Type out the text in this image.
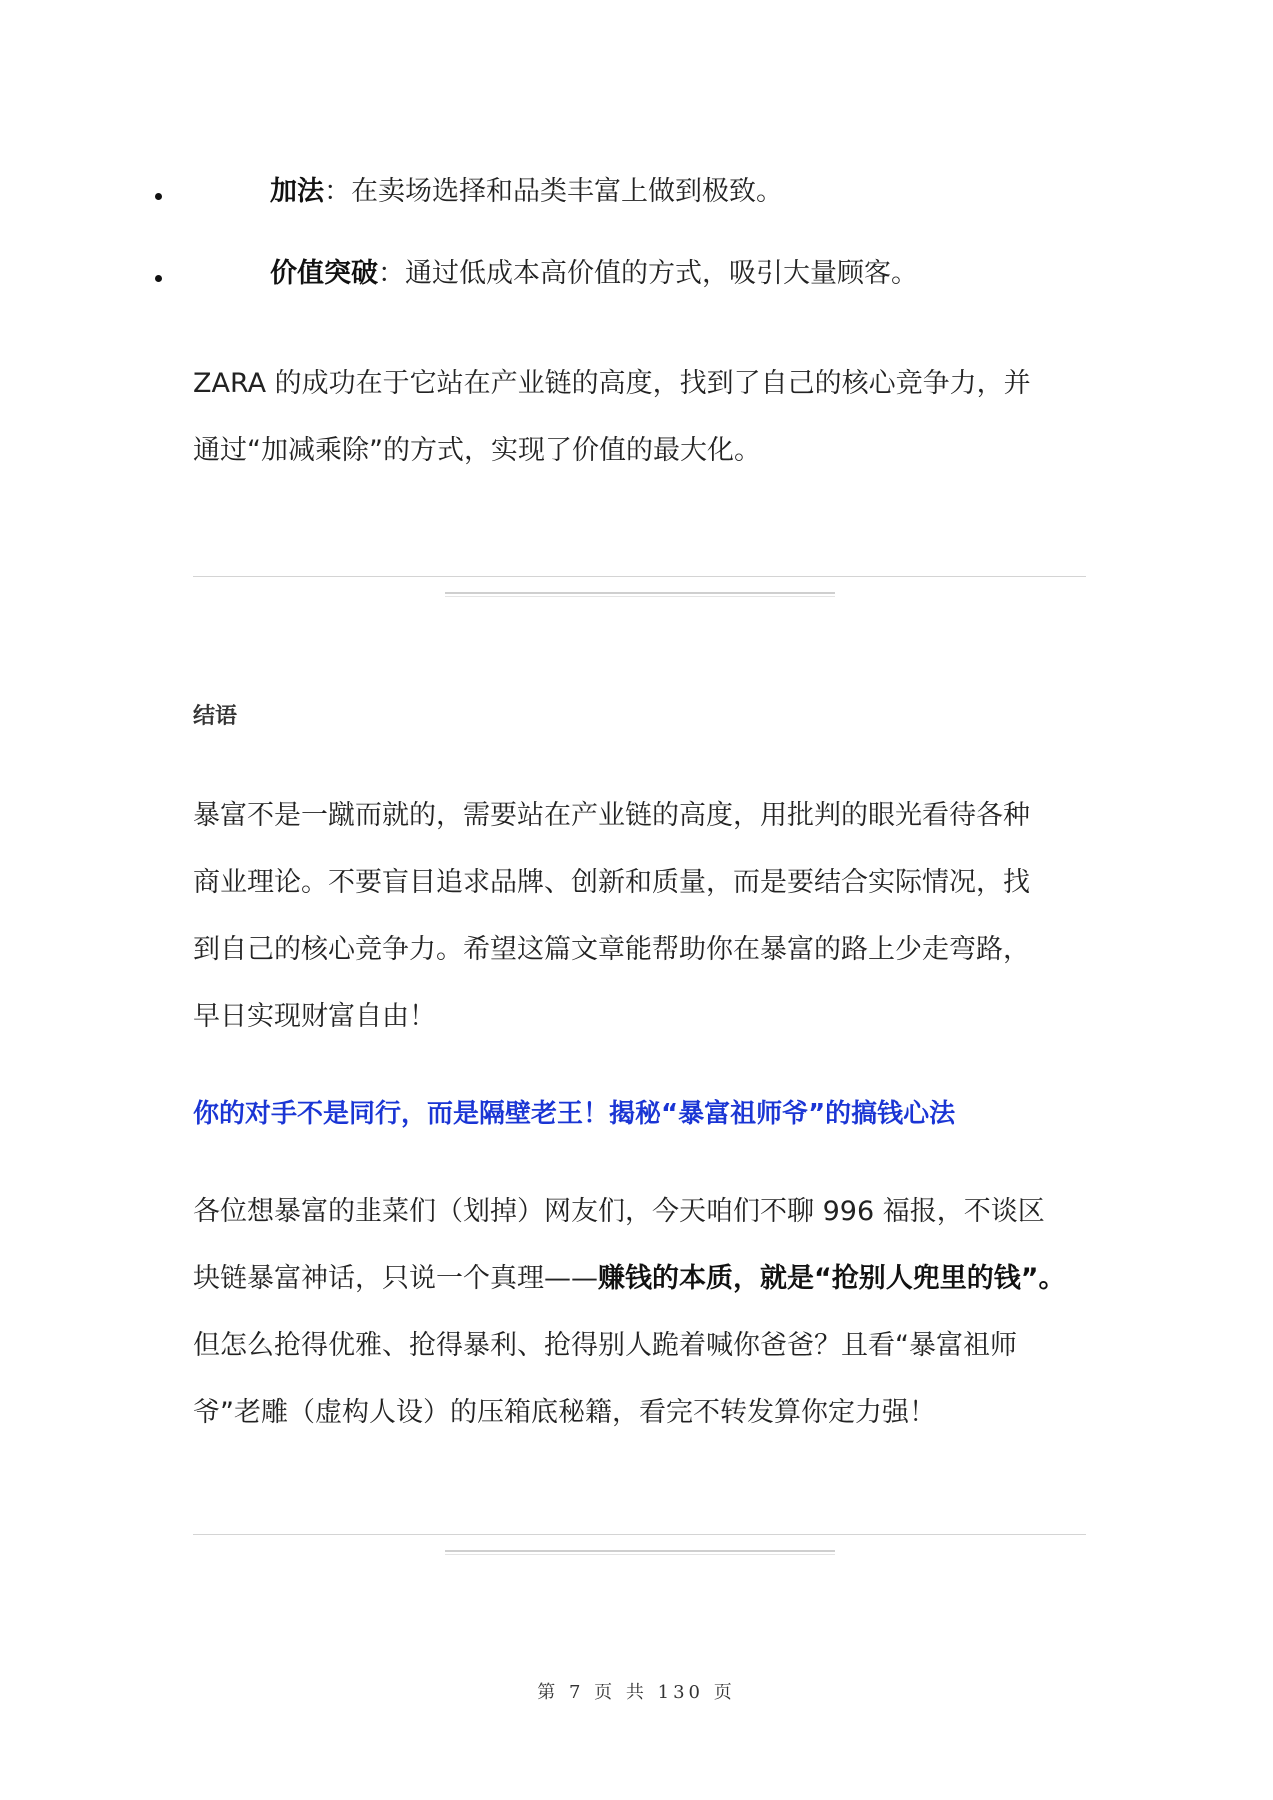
加法：在卖场选择和品类丰富上做到极致。
价值突破：通过低成本高价值的方式，吸引大量顾客。

ZARA 的成功在于它站在产业链的高度，找到了自己的核心竞争力，并
通过“加减乘除”的方式，实现了价值的最大化。

结语

暴富不是一蹴而就的，需要站在产业链的高度，用批判的眼光看待各种
商业理论。不要盲目追求品牌、创新和质量，而是要结合实际情况，找
到自己的核心竞争力。希望这篇文章能帮助你在暴富的路上少走弯路，
早日实现财富自由！

你的对手不是同行，而是隔壁老王！揭秘“暴富祖师爷”的搞钱心法

各位想暴富的韭菜们（划掉）网友们，今天咱们不聊 996 福报，不谈区
块链暴富神话，只说一个真理——赚钱的本质，就是“抢别人兜里的钱”。
但怎么抢得优雅、抢得暴利、抢得别人跪着喊你爸爸？且看“暴富祖师
爷”老雕（虚构人设）的压箱底秘籍，看完不转发算你定力强！

第 7 页 共 130 页
